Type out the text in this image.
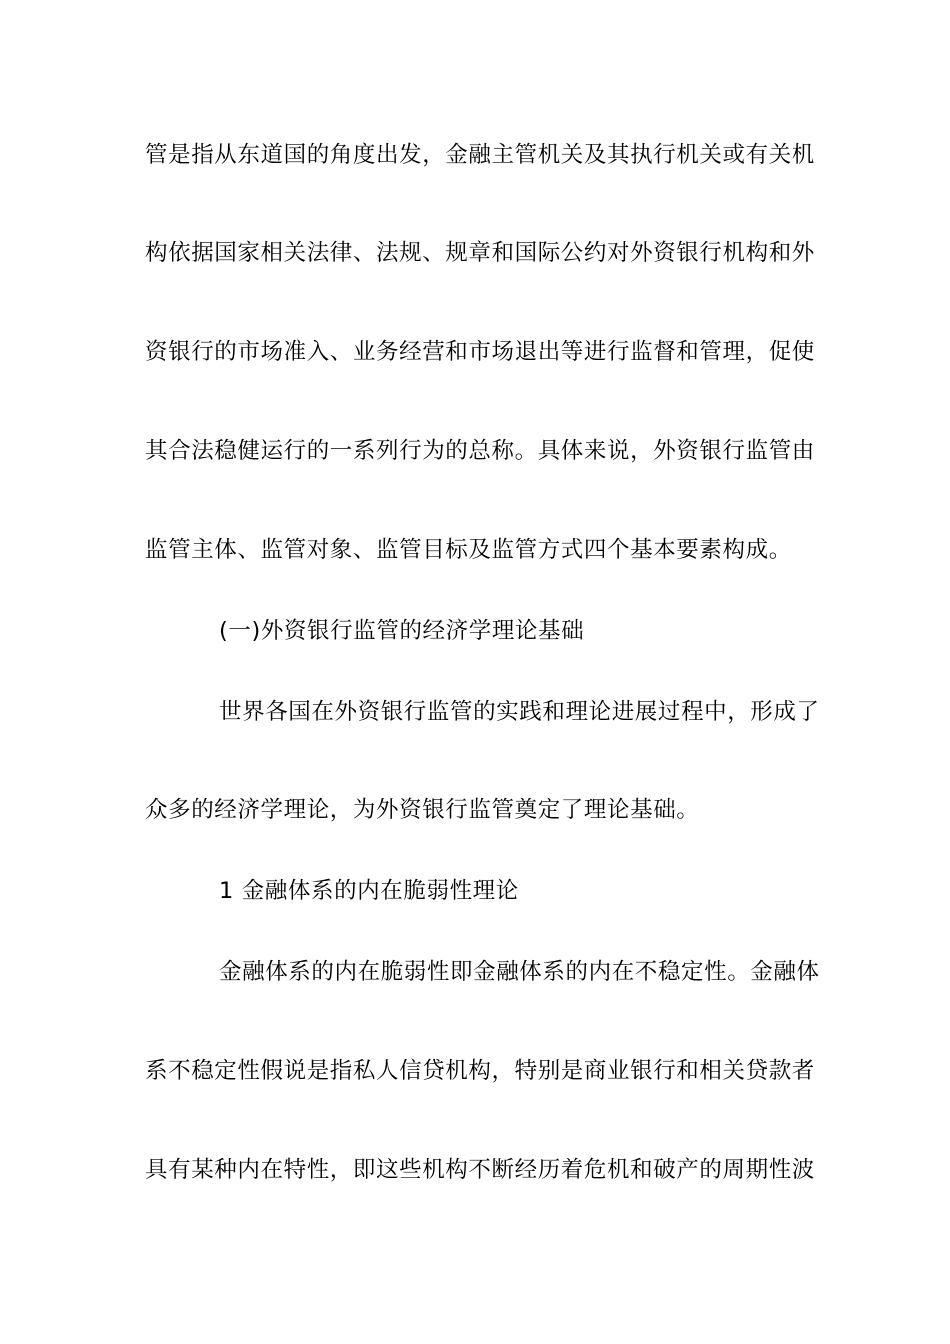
管是指从东道国的角度出发，金融主管机关及其执行机关或有关机
构依据国家相关法律、法规、规章和国际公约对外资银行机构和外
资银行的市场准入、业务经营和市场退出等进行监督和管理，促使
其合法稳健运行的一系列行为的总称。具体来说，外资银行监管由
监管主体、监管对象、监管目标及监管方式四个基本要素构成。
(一)外资银行监管的经济学理论基础
世界各国在外资银行监管的实践和理论进展过程中，形成了
众多的经济学理论，为外资银行监管奠定了理论基础。
1 金融体系的内在脆弱性理论
金融体系的内在脆弱性即金融体系的内在不稳定性。金融体
系不稳定性假说是指私人信贷机构，特别是商业银行和相关贷款者
具有某种内在特性，即这些机构不断经历着危机和破产的周期性波
